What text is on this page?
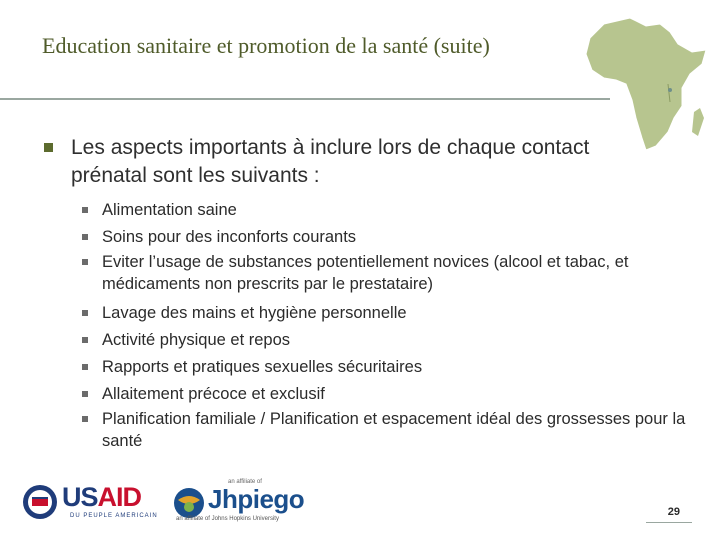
Education sanitaire et promotion de la santé (suite)
Les aspects importants à inclure lors de chaque contact prénatal sont les suivants :
Alimentation saine
Soins pour des inconforts courants
Eviter l’usage de substances potentiellement novices (alcool et tabac, et médicaments non prescrits par le prestataire)
Lavage des mains et hygiène personnelle
Activité physique et repos
Rapports et pratiques sexuelles sécuritaires
Allaitement précoce et exclusif
Planification familiale / Planification et espacement idéal des grossesses pour la santé
USAID
DU PEUPLE AMERICAIN
an affiliate of
Jhpiego
an affiliate of Johns Hopkins University
29
